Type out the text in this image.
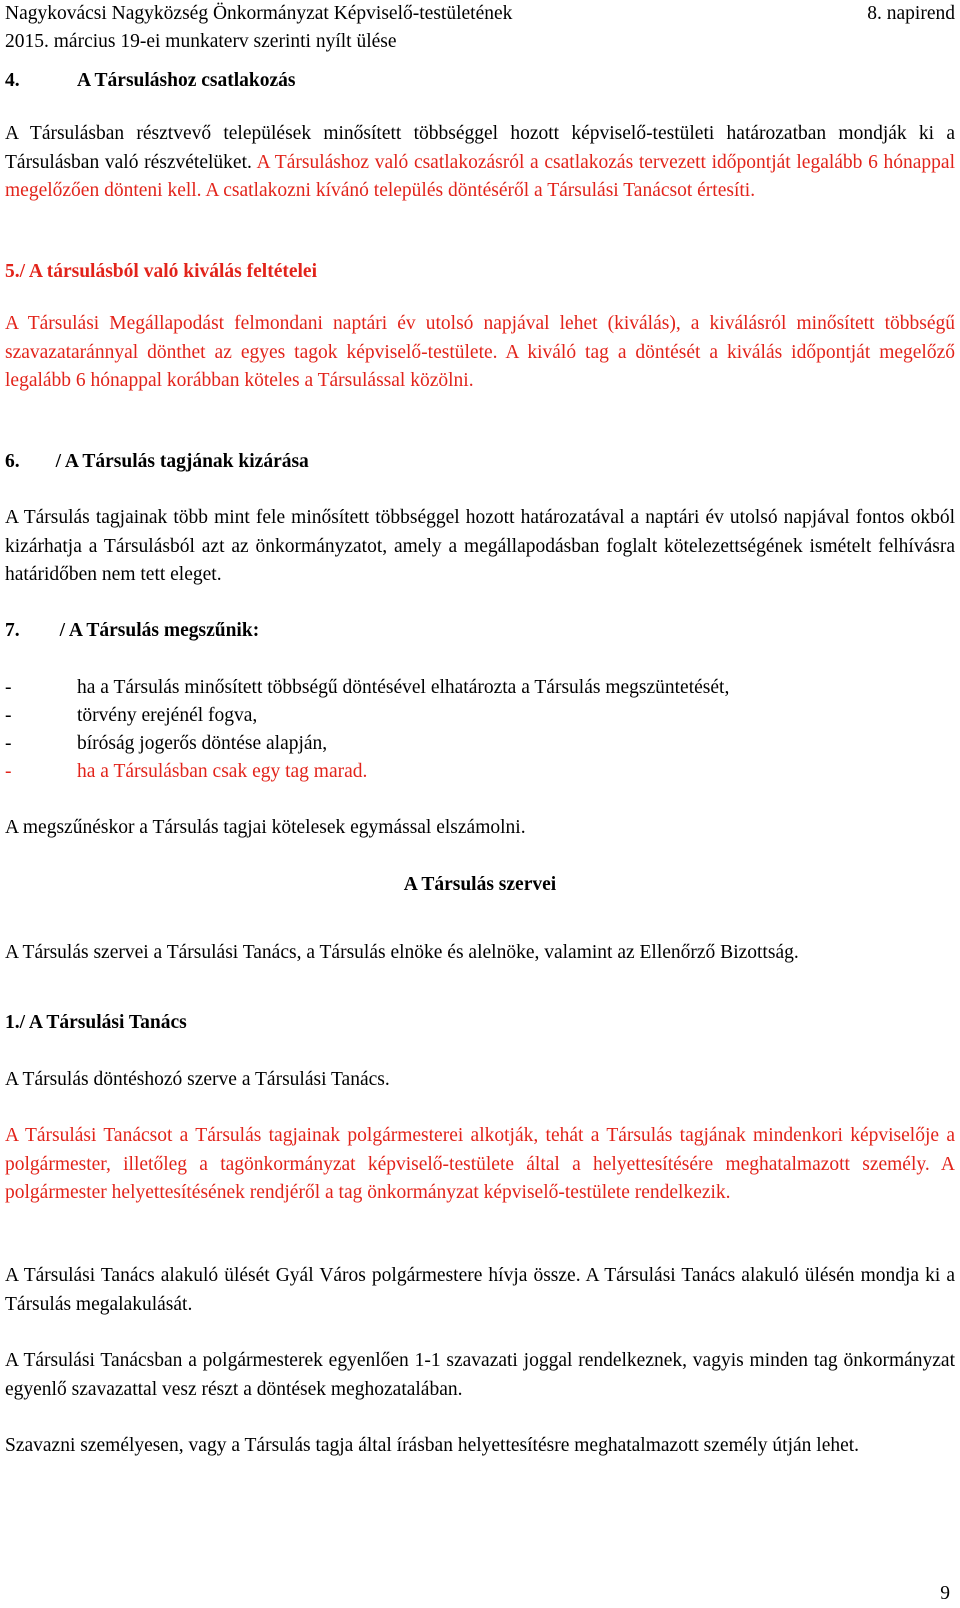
Nagykovácsi Nagyközség Önkormányzat Képviselő-testületének	8. napirend
2015. március 19-ei munkaterv szerinti nyílt ülése
4.	A Társuláshoz csatlakozás
A Társulásban résztvevő települések minősített többséggel hozott képviselő-testületi határozatban mondják ki a Társulásban való részvételüket. A Társuláshoz való csatlakozásról a csatlakozás tervezett időpontját legalább 6 hónappal megelőzően dönteni kell. A csatlakozni kívánó település döntéséről a Társulási Tanácsot értesíti.
5./ A társulásból való kiválás feltételei
A Társulási Megállapodást felmondani naptári év utolsó napjával lehet (kiválás), a kiválásról minősített többségű szavazataránnyal dönthet az egyes tagok képviselő-testülete. A kiváló tag a döntését a kiválás időpontját megelőző legalább 6 hónappal korábban köteles a Társulással közölni.
6. / A Társulás tagjának kizárása
A Társulás tagjainak több mint fele minősített többséggel hozott határozatával a naptári év utolsó napjával fontos okból kizárhatja a Társulásból azt az önkormányzatot, amely a megállapodásban foglalt kötelezettségének ismételt felhívásra határidőben nem tett eleget.
7. / A Társulás megszűnik:
-	ha a Társulás minősített többségű döntésével elhatározta a Társulás megszüntetését,
-	törvény erejénél fogva,
-	bíróság jogerős döntése alapján,
-	ha a Társulásban csak egy tag marad.
A megszűnéskor a Társulás tagjai kötelesek egymással elszámolni.
A Társulás szervei
A Társulás szervei a Társulási Tanács, a Társulás elnöke és alelnöke, valamint az Ellenőrző Bizottság.
1./ A Társulási Tanács
A Társulás döntéshozó szerve a Társulási Tanács.
A Társulási Tanácsot a Társulás tagjainak polgármesterei alkotják, tehát a Társulás tagjának mindenkori képviselője a polgármester, illetőleg a tagönkormányzat képviselő-testülete által a helyettesítésére meghatalmazott személy. A polgármester helyettesítésének rendjéről a tag önkormányzat képviselő-testülete rendelkezik.
A Társulási Tanács alakuló ülését Gyál Város polgármestere hívja össze. A Társulási Tanács alakuló ülésén mondja ki a Társulás megalakulását.
A Társulási Tanácsban a polgármesterek egyenlően 1-1 szavazati joggal rendelkeznek, vagyis minden tag önkormányzat egyenlő szavazattal vesz részt a döntések meghozatalában.
Szavazni személyesen, vagy a Társulás tagja által írásban helyettesítésre meghatalmazott személy útján lehet.
9
